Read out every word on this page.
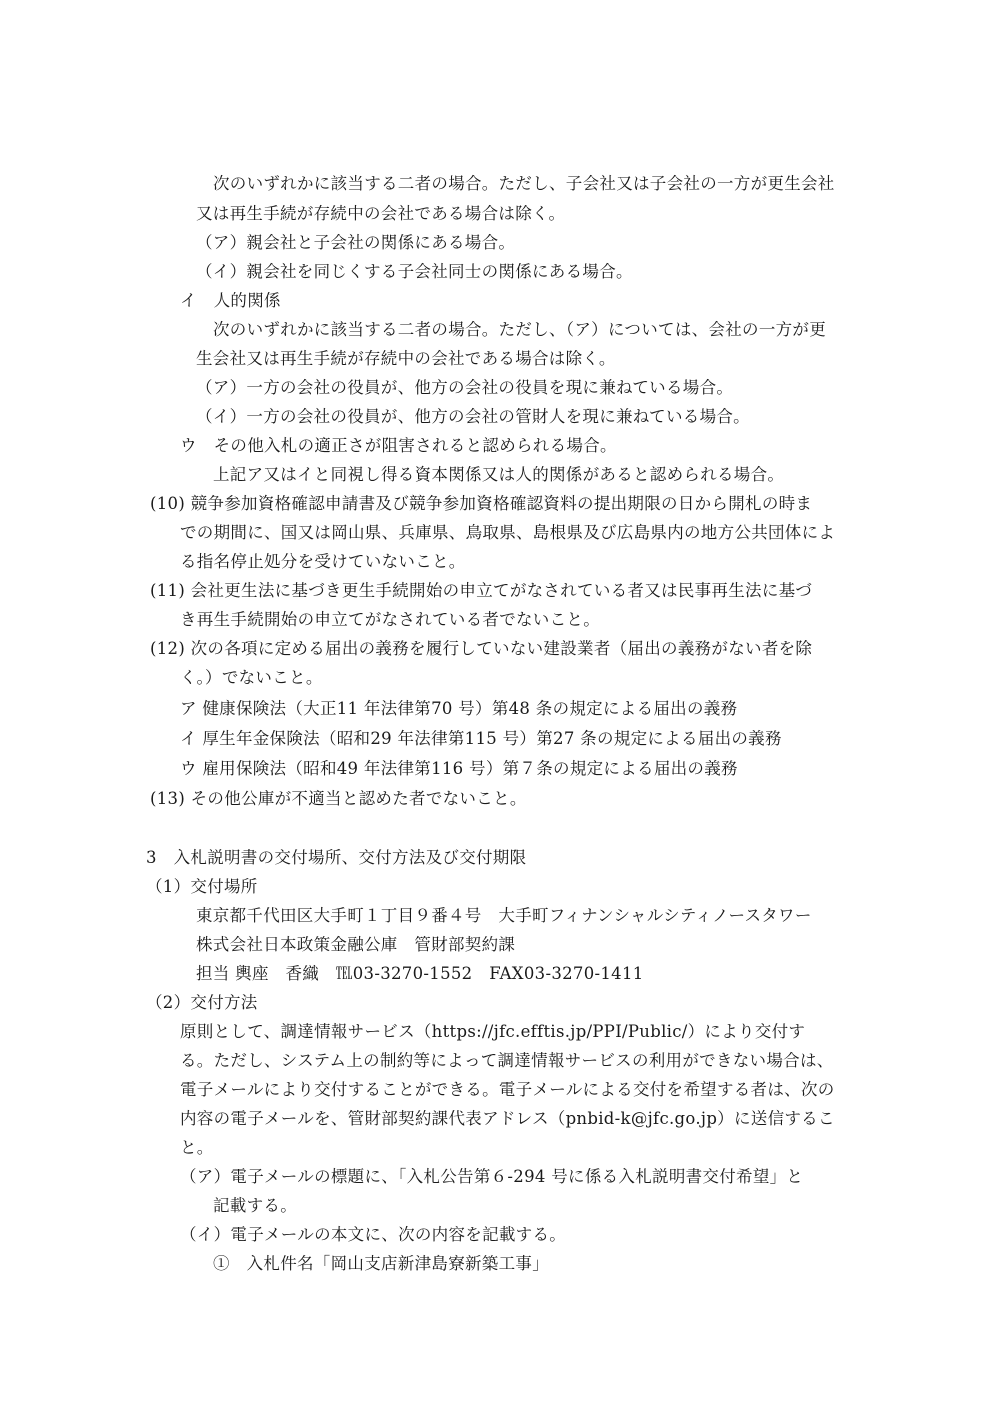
次のいずれかに該当する二者の場合。ただし、子会社又は子会社の一方が更生会社
又は再生手続が存続中の会社である場合は除く。
（ア）親会社と子会社の関係にある場合。
（イ）親会社を同じくする子会社同士の関係にある場合。
イ　人的関係
次のいずれかに該当する二者の場合。ただし、（ア）については、会社の一方が更
生会社又は再生手続が存続中の会社である場合は除く。
（ア）一方の会社の役員が、他方の会社の役員を現に兼ねている場合。
（イ）一方の会社の役員が、他方の会社の管財人を現に兼ねている場合。
ウ　その他入札の適正さが阻害されると認められる場合。
上記ア又はイと同視し得る資本関係又は人的関係があると認められる場合。
(10) 競争参加資格確認申請書及び競争参加資格確認資料の提出期限の日から開札の時ま
での期間に、国又は岡山県、兵庫県、鳥取県、島根県及び広島県内の地方公共団体によ
る指名停止処分を受けていないこと。
(11) 会社更生法に基づき更生手続開始の申立てがなされている者又は民事再生法に基づ
き再生手続開始の申立てがなされている者でないこと。
(12) 次の各項に定める届出の義務を履行していない建設業者（届出の義務がない者を除
く。）でないこと。
ア 健康保険法（大正11 年法律第70 号）第48 条の規定による届出の義務
イ 厚生年金保険法（昭和29 年法律第115 号）第27 条の規定による届出の義務
ウ 雇用保険法（昭和49 年法律第116 号）第７条の規定による届出の義務
(13) その他公庫が不適当と認めた者でないこと。
3　入札説明書の交付場所、交付方法及び交付期限
（1）交付場所
東京都千代田区大手町１丁目９番４号　大手町フィナンシャルシティノースタワー
株式会社日本政策金融公庫　管財部契約課
担当 輿座　香織　℡03-3270-1552　FAX03-3270-1411
（2）交付方法
原則として、調達情報サービス（https://jfc.efftis.jp/PPI/Public/）により交付す
る。ただし、システム上の制約等によって調達情報サービスの利用ができない場合は、
電子メールにより交付することができる。電子メールによる交付を希望する者は、次の
内容の電子メールを、管財部契約課代表アドレス（pnbid-k@jfc.go.jp）に送信するこ
と。
（ア）電子メールの標題に、「入札公告第６-294 号に係る入札説明書交付希望」と
記載する。
（イ）電子メールの本文に、次の内容を記載する。
①　入札件名「岡山支店新津島寮新築工事」
